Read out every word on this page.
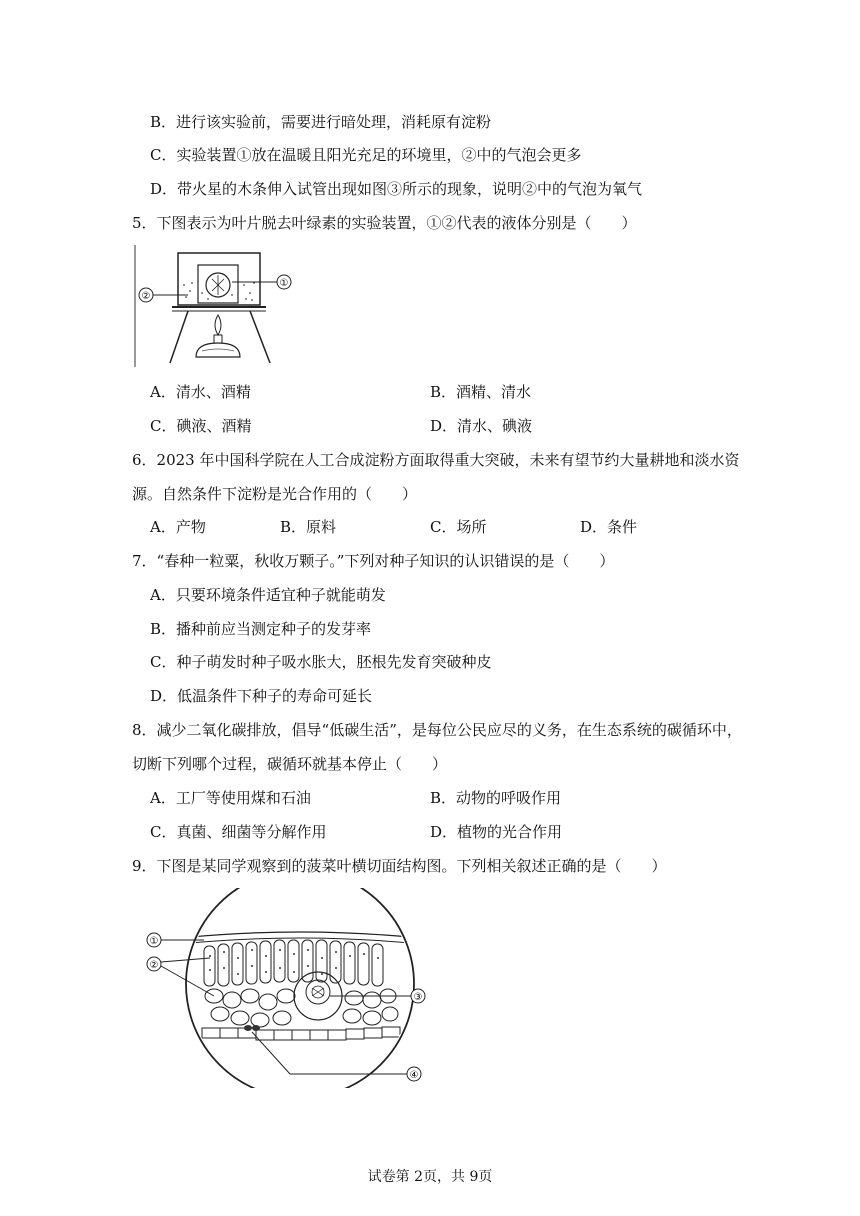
B．进行该实验前，需要进行暗处理，消耗原有淀粉
C．实验装置①放在温暖且阳光充足的环境里，②中的气泡会更多
D．带火星的木条伸入试管出现如图③所示的现象，说明②中的气泡为氧气
5．下图表示为叶片脱去叶绿素的实验装置，①②代表的液体分别是（　　）
①
②
A．清水、酒精	B．酒精、清水
C．碘液、酒精	D．清水、碘液
6．2023 年中国科学院在人工合成淀粉方面取得重大突破，未来有望节约大量耕地和淡水资
源。自然条件下淀粉是光合作用的（　　）
A．产物	B．原料	C．场所	D．条件
7．“春种一粒粟，秋收万颗子。”下列对种子知识的认识错误的是（　　）
A．只要环境条件适宜种子就能萌发
B．播种前应当测定种子的发芽率
C．种子萌发时种子吸水胀大，胚根先发育突破种皮
D．低温条件下种子的寿命可延长
8．减少二氧化碳排放，倡导“低碳生活”，是每位公民应尽的义务，在生态系统的碳循环中，
切断下列哪个过程，碳循环就基本停止（　　）
A．工厂等使用煤和石油	B．动物的呼吸作用
C．真菌、细菌等分解作用	D．植物的光合作用
9．下图是某同学观察到的菠菜叶横切面结构图。下列相关叙述正确的是（　　）
①
②
③
④
试卷第 2页，共 9页
